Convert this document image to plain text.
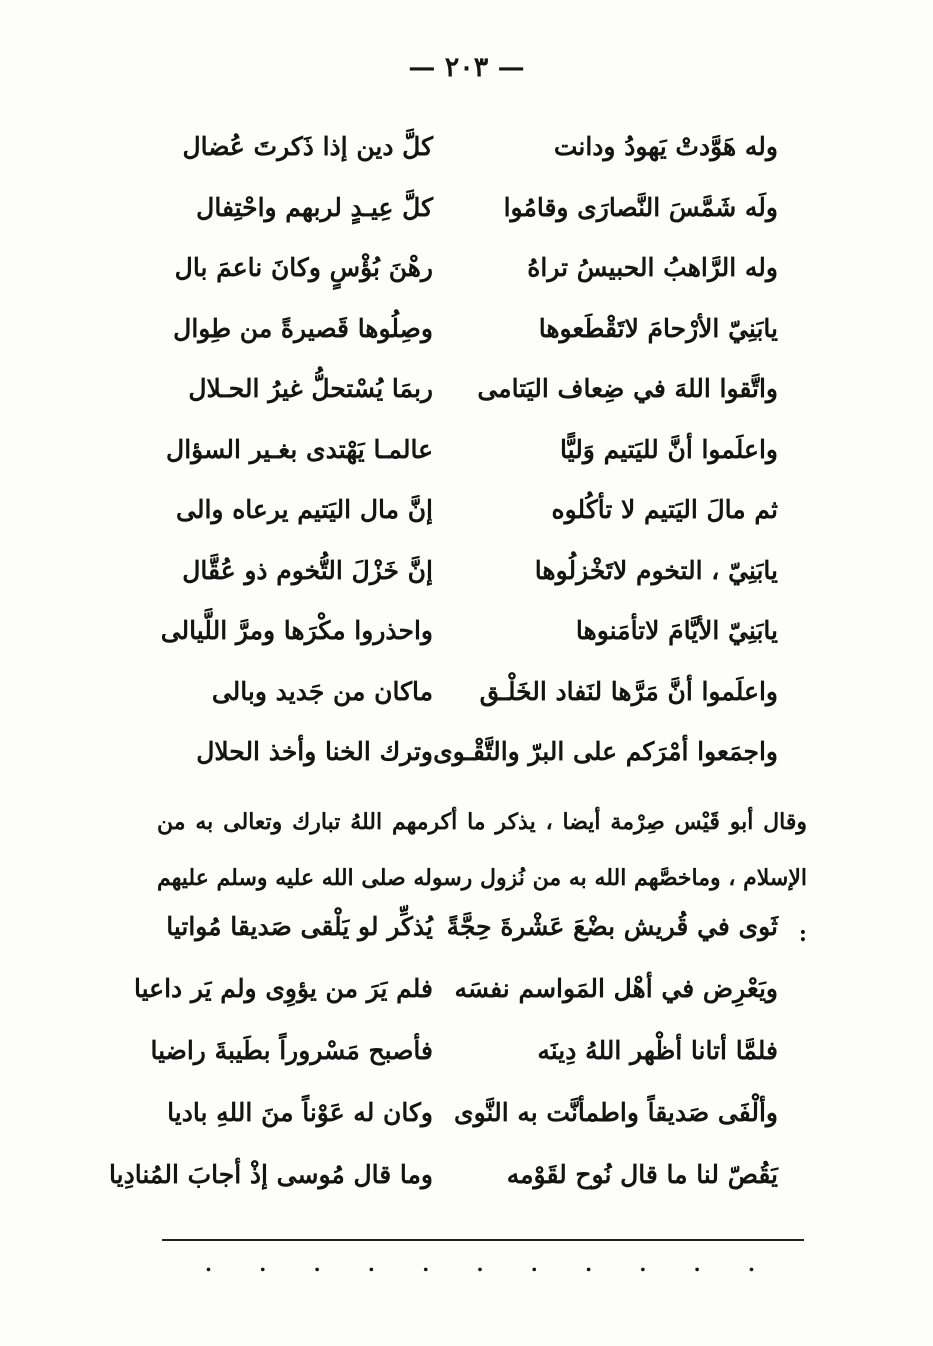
— ٢٠٣ —
وله هَوَّدتْ يَهودُ ودانت
كلَّ دين إذا ذَكرتَ عُضال
ولَه شَمَّسَ النَّصارَى وقامُوا
كلَّ عِيـدٍ لربهم واحْتِفال
وله الرَّاهبُ الحبيسُ تراهُ
رهْنَ بُؤْسٍ وكانَ ناعمَ بال
يابَنِيّ الأرْحامَ لاتَقْطَعوها
وصِلُوها قَصيرةً من طِوال
واتَّقوا اللهَ في ضِعاف اليَتامى
ربمَا يُسْتحلُّ غيرُ الحـلال
واعلَموا أنَّ لليَتيم وَليًّا
عالمـا يَهْتدى بغـير السؤال
ثم مالَ اليَتيم لا تأكُلوه
إنَّ مال اليَتيم يرعاه والى
يابَنِيّ ، التخوم لاتَخْزلُوها
إنَّ خَزْلَ التُّخوم ذو عُقَّال
يابَنِيّ الأيَّامَ لاتأمَنوها
واحذروا مكْرَها ومرَّ اللَّيالى
واعلَموا أنَّ مَرَّها لنَفاد الخَلْـق
ماكان من جَديد وبالى
واجمَعوا أمْرَكم على البرّ والتَّقْـوى
وترك الخنا وأخذ الحلال
وقال أبو قَيْس صِرْمة أيضا ، يذكر ما أكرمهم اللهُ تبارك وتعالى به من الإسلام ، وماخصَّهم الله به من نُزول رسوله صلى الله عليه وسلم عليهم :
ثَوى في قُريش بضْعَ عَشْرةَ حِجَّةً
يُذكِّر لو يَلْقى صَديقا مُواتيا
ويَعْرِض في أهْل المَواسم نفسَه
فلم يَرَ من يؤوِى ولم يَر داعيا
فلمَّا أتانا أظْهر اللهُ دِينَه
فأصبح مَسْروراً بطَيبةَ راضيا
وألْفَى صَديقاً واطمأنَّت به النَّوى
وكان له عَوْناً منَ اللهِ باديا
يَقُصّ لنا ما قال نُوح لقَوْمه
وما قال مُوسى إذْ أجابَ المُنادِيا
. . . . . . . . . . .
